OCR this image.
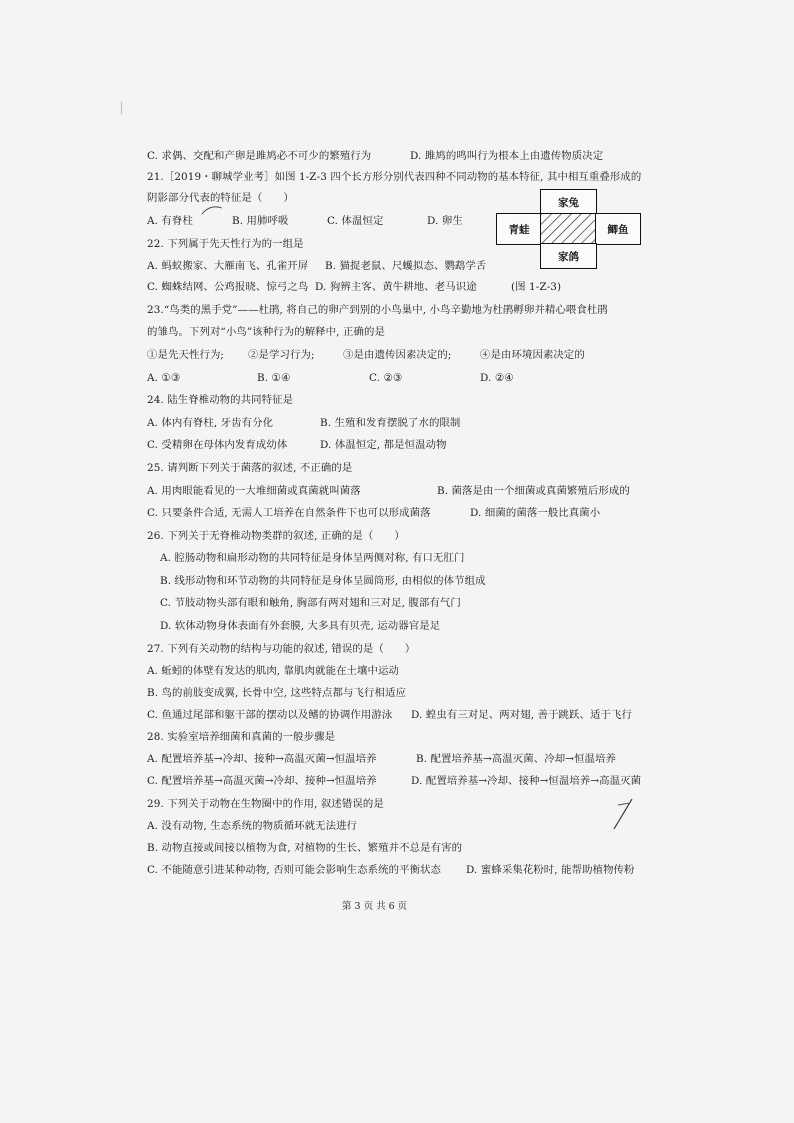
C. 求偶、交配和产卵是雎鸠必不可少的繁殖行为	D. 雎鸠的鸣叫行为根本上由遗传物质决定
21.［2019・聊城学业考］如图 1-Z-3 四个长方形分别代表四种不同动物的基本特征, 其中相互重叠形成的
阴影部分代表的特征是（　　）
A. 有脊柱	B. 用肺呼吸	C. 体温恒定	D. 卵生
22. 下列属于先天性行为的一组是
A. 蚂蚁搬家、大雁南飞、孔雀开屏 B. 猫捉老鼠、尺蠖拟态、鹦鹉学舌
C. 蜘蛛结网、公鸡报晓、惊弓之鸟 D. 狗辨主客、黄牛耕地、老马识途	(图 1-Z-3)
家兔
青蛙	鲫鱼
家鸽
23.“鸟类的黑手党”——杜鹃, 将自己的卵产到别的小鸟巢中, 小鸟辛勤地为杜鹃孵卵并精心喂食杜鹃
的雏鸟。下列对“小鸟”该种行为的解释中, 正确的是
①是先天性行为; ②是学习行为;	③是由遗传因素决定的;	④是由环境因素决定的
A. ①③	B. ①④	C. ②③	D. ②④
24. 陆生脊椎动物的共同特征是
A. 体内有脊柱, 牙齿有分化	B. 生殖和发育摆脱了水的限制
C. 受精卵在母体内发育成幼体	D. 体温恒定, 都是恒温动物
25. 请判断下列关于菌落的叙述, 不正确的是
A. 用肉眼能看见的一大堆细菌或真菌就叫菌落	B. 菌落是由一个细菌或真菌繁殖后形成的
C. 只要条件合适, 无需人工培养在自然条件下也可以形成菌落	D. 细菌的菌落一般比真菌小
26. 下列关于无脊椎动物类群的叙述, 正确的是（　　）
A. 腔肠动物和扁形动物的共同特征是身体呈两侧对称, 有口无肛门
B. 线形动物和环节动物的共同特征是身体呈圆筒形, 由相似的体节组成
C. 节肢动物头部有眼和触角, 胸部有两对翅和三对足, 腹部有气门
D. 软体动物身体表面有外套膜, 大多具有贝壳, 运动器官是足
27. 下列有关动物的结构与功能的叙述, 错误的是（　　）
A. 蚯蚓的体壁有发达的肌肉, 靠肌肉就能在土壤中运动
B. 鸟的前肢变成翼, 长骨中空, 这些特点都与飞行相适应
C. 鱼通过尾部和躯干部的摆动以及鳍的协调作用游泳 D. 蝗虫有三对足、两对翅, 善于跳跃、适于飞行
28. 实验室培养细菌和真菌的一般步骤是
A. 配置培养基→冷却、接种→高温灭菌→恒温培养	B. 配置培养基→高温灭菌、冷却→恒温培养
C. 配置培养基→高温灭菌→冷却、接种→恒温培养	D. 配置培养基→冷却、接种→恒温培养→高温灭菌
29. 下列关于动物在生物圈中的作用, 叙述错误的是
A. 没有动物, 生态系统的物质循环就无法进行
B. 动物直接或间接以植物为食, 对植物的生长、繁殖并不总是有害的
C. 不能随意引进某种动物, 否则可能会影响生态系统的平衡状态 D. 蜜蜂采集花粉时, 能帮助植物传粉
第 3 页 共 6 页
